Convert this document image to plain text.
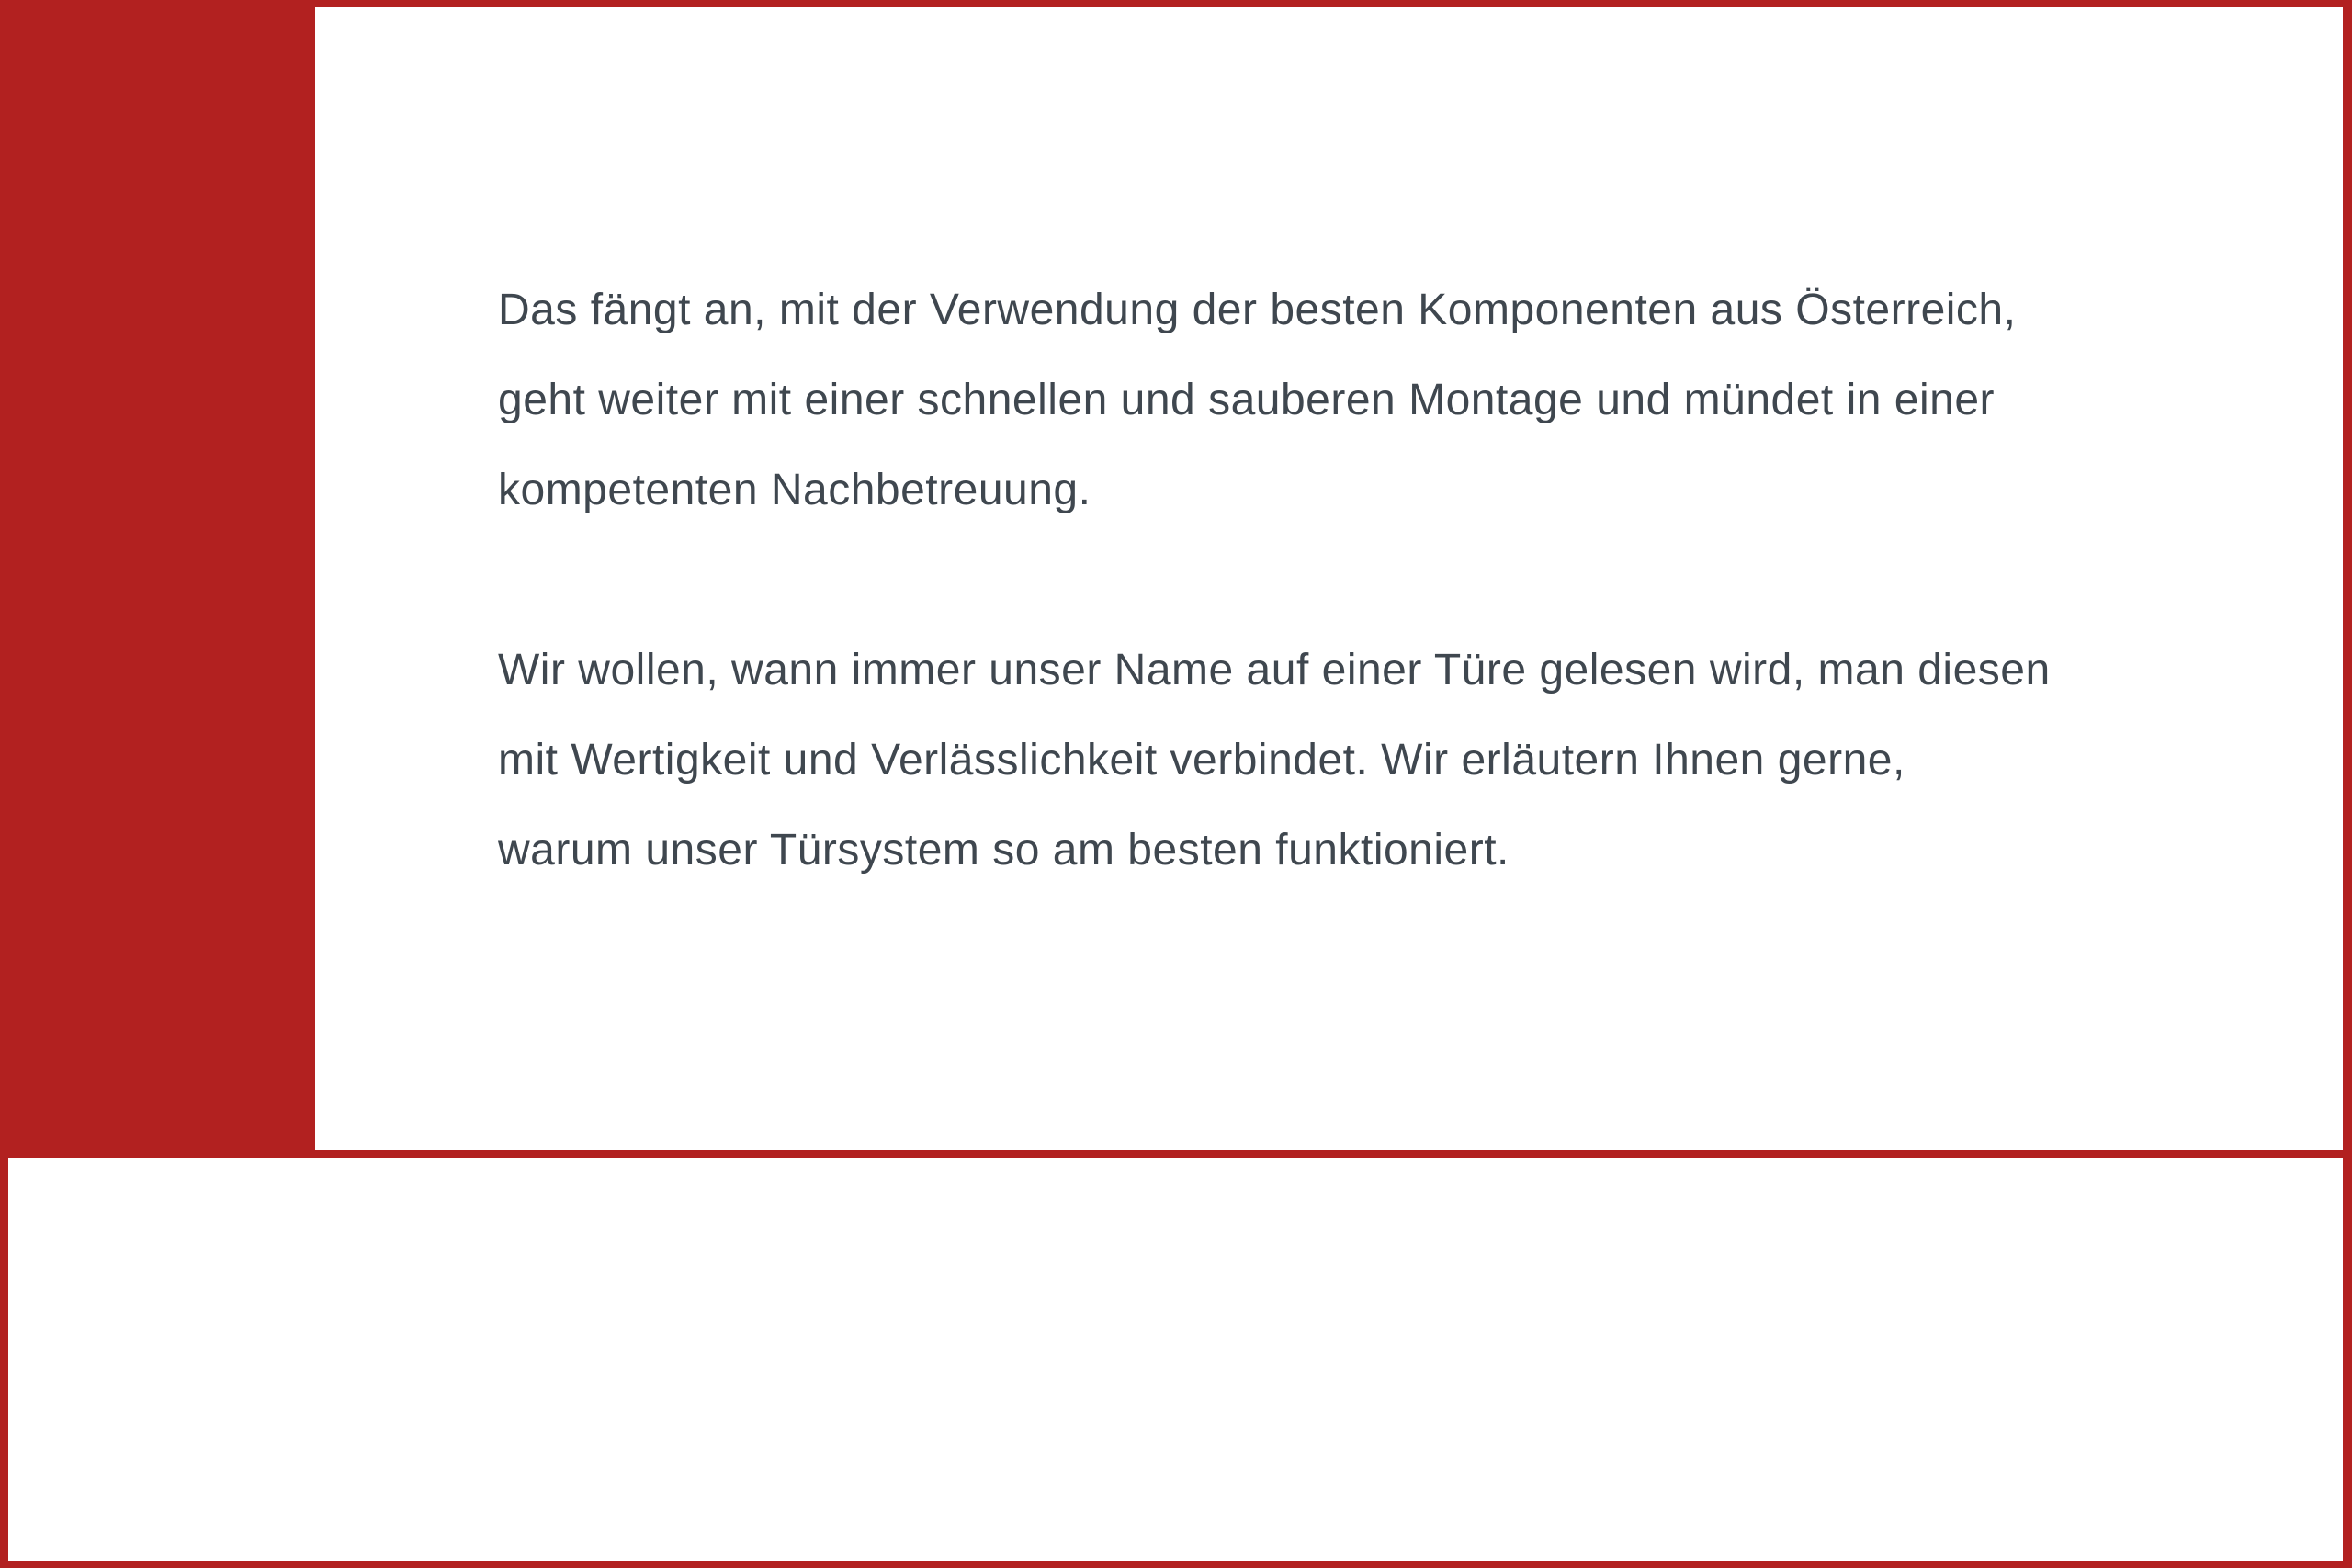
Das fängt an, mit der Verwendung der besten Komponenten aus Österreich,
geht weiter mit einer schnellen und sauberen Montage und mündet in einer
kompetenten Nachbetreuung.
Wir wollen, wann immer unser Name auf einer Türe gelesen wird, man diesen
mit Wertigkeit und Verlässlichkeit verbindet. Wir erläutern Ihnen gerne,
warum unser Türsystem so am besten funktioniert.
